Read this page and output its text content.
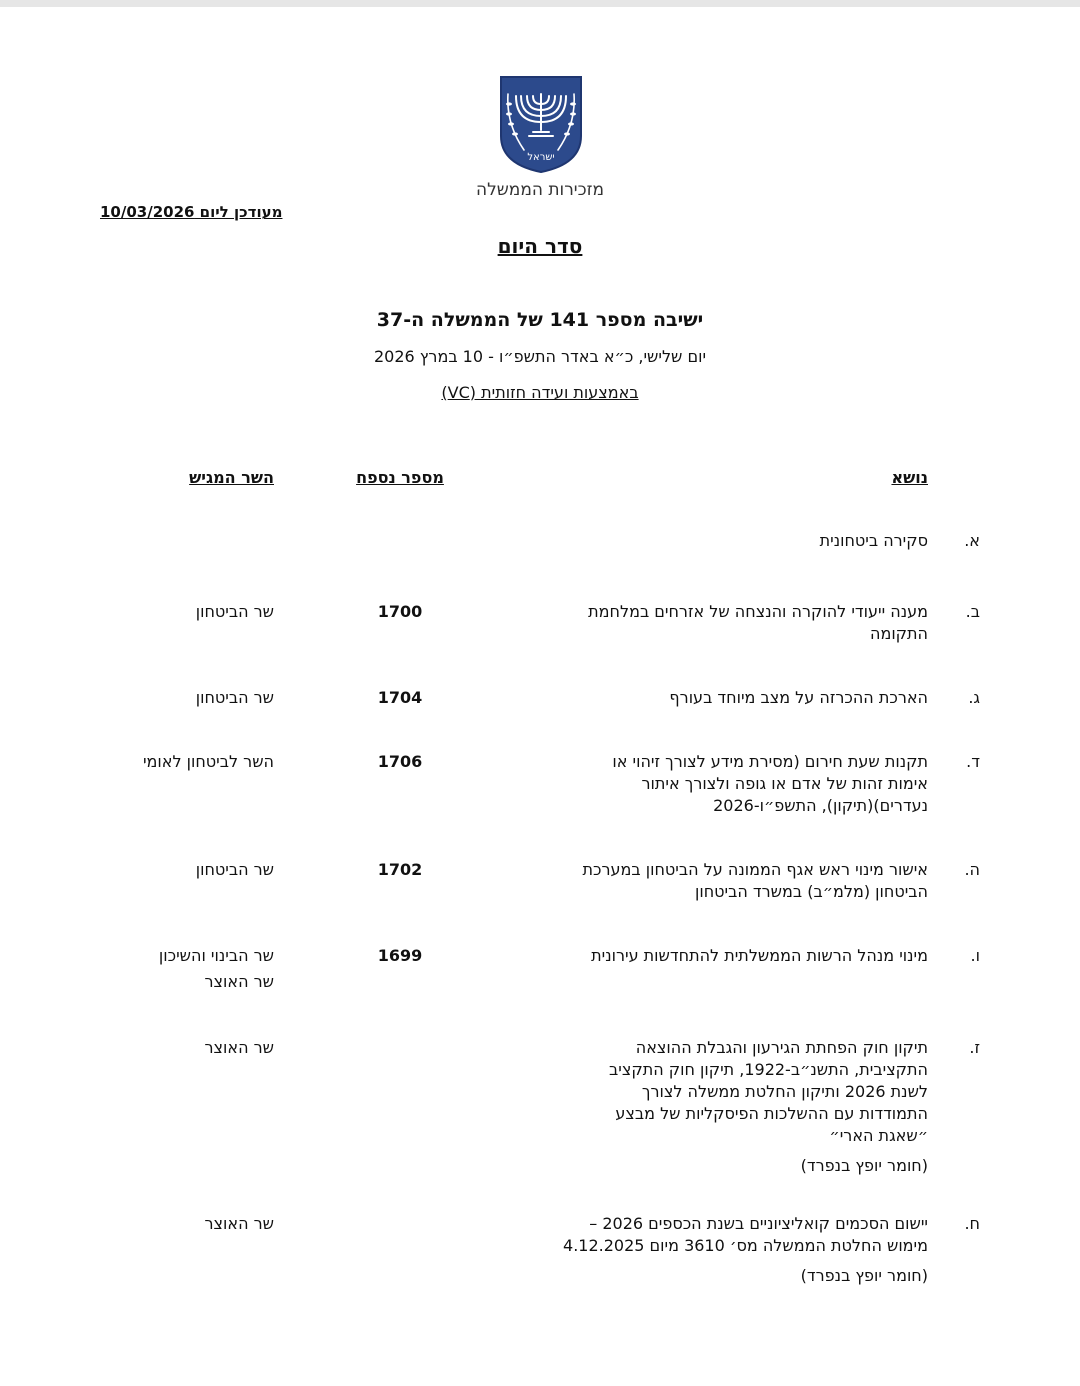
ישראל
מזכירות הממשלה
מעודכן ליום 10/03/2026
סדר היום
ישיבה מספר 141 של הממשלה ה-37
יום שלישי, כ״א באדר התשפ״ו - 10 במרץ 2026
באמצעות ועידה חזותית (VC)
נושא
מספר נספח
השר המגיש
א.
סקירה ביטחונית
ב.
מענה ייעודי להוקרה והנצחה של אזרחים במלחמת
התקומה
1700
שר הביטחון
ג.
הארכת ההכרזה על מצב מיוחד בעורף
1704
שר הביטחון
ד.
תקנות שעת חירום (מסירת מידע לצורך זיהוי או
אימות זהות של אדם או גופה ולצורך איתור
נעדרים)(תיקון), התשפ״ו-2026
1706
השר לביטחון לאומי
ה.
אישור מינוי ראש אגף הממונה על הביטחון במערכת
הביטחון (מלמ״ב) במשרד הביטחון
1702
שר הביטחון
ו.
מינוי מנהל הרשות הממשלתית להתחדשות עירונית
1699
שר הבינוי והשיכון
שר האוצר
ז.
תיקון חוק הפחתת הגירעון והגבלת ההוצאה
התקציבית, התשנ״ב-1922, תיקון חוק התקציב
לשנת 2026 ותיקון החלטת ממשלה לצורך
התמודדות עם ההשלכות הפיסקליות של מבצע
״שאגת הארי״
(חומר יופץ בנפרד)
שר האוצר
ח.
יישום הסכמים קואליציוניים בשנת הכספים 2026 –
מימוש החלטת הממשלה מס׳ 3610 מיום 4.12.2025
(חומר יופץ בנפרד)
שר האוצר
